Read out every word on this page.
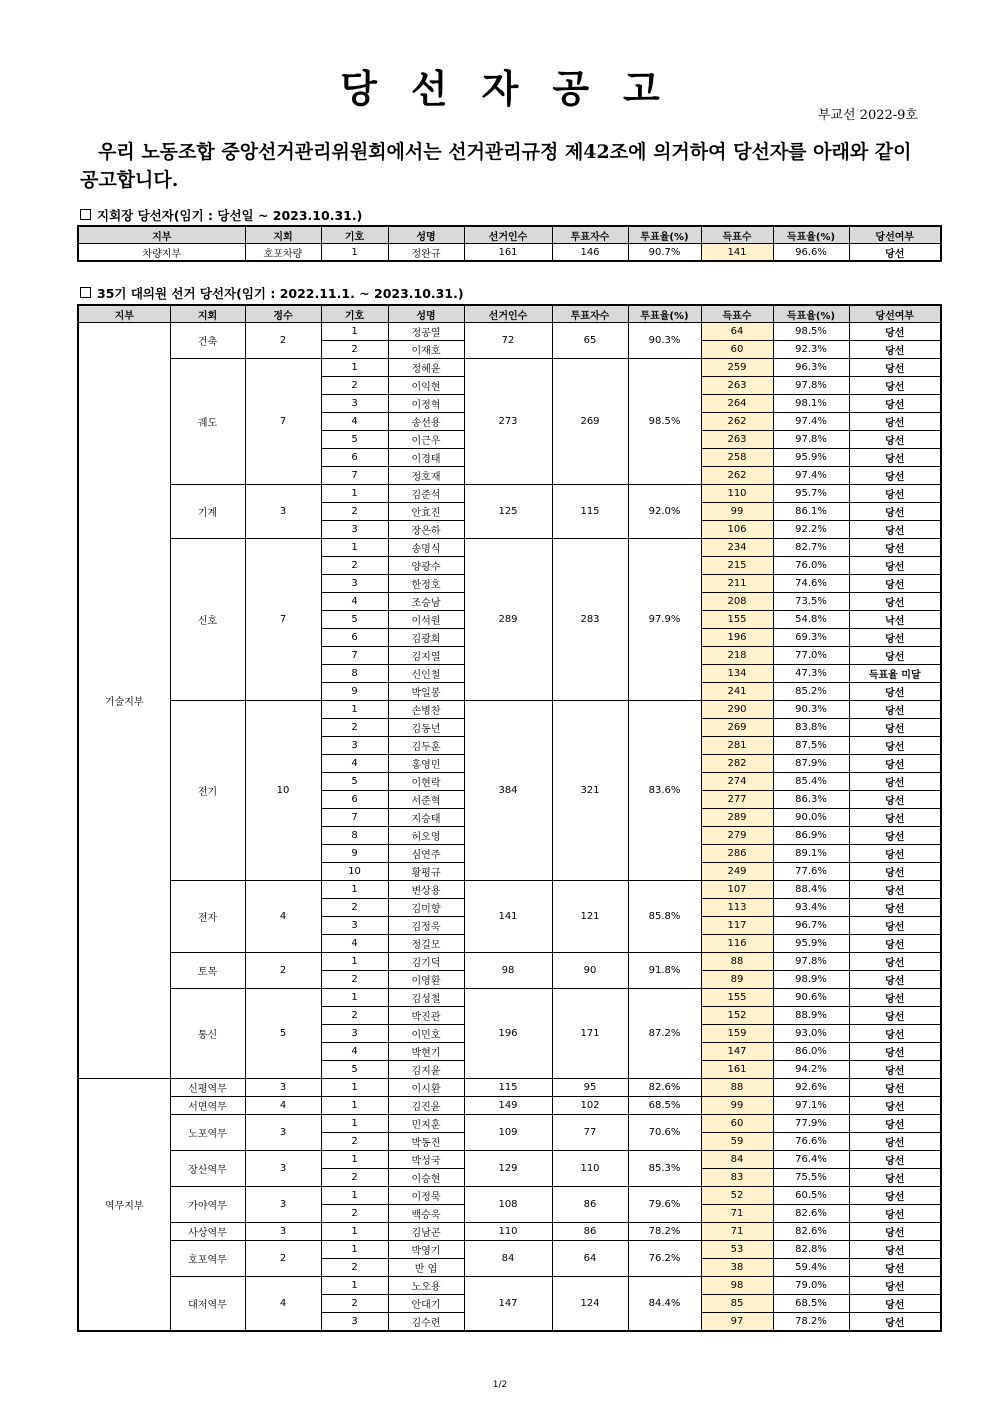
당선자공고
부교선 2022-9호
우리 노동조합 중앙선거관리위원회에서는 선거관리규정 제42조에 의거하여 당선자를 아래와 같이 공고합니다.
지회장 당선자(임기 : 당선일 ~ 2023.10.31.)
지부	지회	기호	성명	선거인수	투표자수	투표율(%)	득표수	득표율(%)	당선여부
차량지부	호포차량	1	정완규	161	146	90.7%	141	96.6%	당선
35기 대의원 선거 당선자(임기 : 2022.11.1. ~ 2023.10.31.)
지부	지회	정수	기호	성명	선거인수	투표자수	투표율(%)	득표수	득표율(%)	당선여부
기술지부	건축	2	1	정공열	72	65	90.3%	64	98.5%	당선
			2	이재호				60	92.3%	당선
	궤도	7	1	정혜윤	273	269	98.5%	259	96.3%	당선
			2	이익현				263	97.8%	당선
			3	이정혁				264	98.1%	당선
			4	송선용				262	97.4%	당선
			5	이근우				263	97.8%	당선
			6	이경태				258	95.9%	당선
			7	정호재				262	97.4%	당선
	기계	3	1	김준석	125	115	92.0%	110	95.7%	당선
			2	안효진				99	86.1%	당선
			3	장은하				106	92.2%	당선
	신호	7	1	송명식	289	283	97.9%	234	82.7%	당선
			2	양광수				215	76.0%	당선
			3	한정호				211	74.6%	당선
			4	조승남				208	73.5%	당선
			5	이석원				155	54.8%	낙선
			6	김광희				196	69.3%	당선
			7	김지열				218	77.0%	당선
			8	신인철				134	47.3%	득표율 미달
			9	박일봉				241	85.2%	당선
	전기	10	1	손병찬	384	321	83.6%	290	90.3%	당선
			2	김동년				269	83.8%	당선
			3	김두훈				281	87.5%	당선
			4	홍영민				282	87.9%	당선
			5	이현락				274	85.4%	당선
			6	서준혁				277	86.3%	당선
			7	지승태				289	90.0%	당선
			8	허오영				279	86.9%	당선
			9	심연주				286	89.1%	당선
			10	황평규				249	77.6%	당선
	전자	4	1	변상용	141	121	85.8%	107	88.4%	당선
			2	김미향				113	93.4%	당선
			3	김정욱				117	96.7%	당선
			4	정길모				116	95.9%	당선
	토목	2	1	김기덕	98	90	91.8%	88	97.8%	당선
			2	이영환				89	98.9%	당선
	통신	5	1	김성철	196	171	87.2%	155	90.6%	당선
			2	박진관				152	88.9%	당선
			3	이민호				159	93.0%	당선
			4	박현기				147	86.0%	당선
			5	김지윤				161	94.2%	당선
역무지부	신평역무	3	1	이시환	115	95	82.6%	88	92.6%	당선
	서면역무	4	1	김진윤	149	102	68.5%	99	97.1%	당선
	노포역무	3	1	민지훈	109	77	70.6%	60	77.9%	당선
			2	박동진				59	76.6%	당선
	장산역무	3	1	박성국	129	110	85.3%	84	76.4%	당선
			2	이승현				83	75.5%	당선
	가야역무	3	1	이정묵	108	86	79.6%	52	60.5%	당선
			2	백승욱				71	82.6%	당선
	사상역무	3	1	김남곤	110	86	78.2%	71	82.6%	당선
	호포역무	2	1	박영기	84	64	76.2%	53	82.8%	당선
			2	반 엽				38	59.4%	당선
	대저역무	4	1	노오용	147	124	84.4%	98	79.0%	당선
			2	안대기				85	68.5%	당선
			3	김수련				97	78.2%	당선
1/2
